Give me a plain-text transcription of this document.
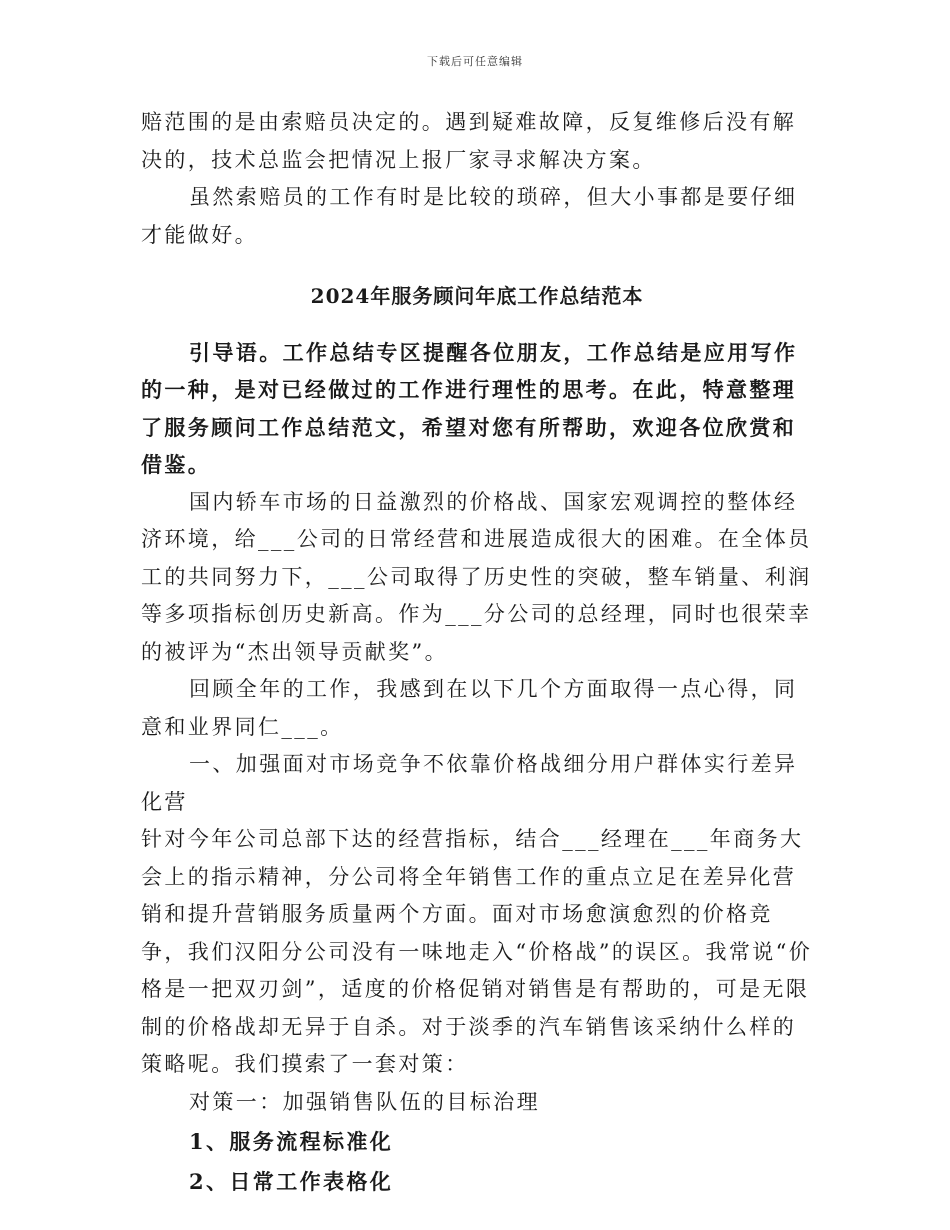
下载后可任意编辑

赔范围的是由索赔员决定的。遇到疑难故障，反复维修后没有解决的，技术总监会把情况上报厂家寻求解决方案。

虽然索赔员的工作有时是比较的琐碎，但大小事都是要仔细才能做好。

2024年服务顾问年底工作总结范本

引导语。工作总结专区提醒各位朋友，工作总结是应用写作的一种，是对已经做过的工作进行理性的思考。在此，特意整理了服务顾问工作总结范文，希望对您有所帮助，欢迎各位欣赏和借鉴。

国内轿车市场的日益激烈的价格战、国家宏观调控的整体经济环境，给___公司的日常经营和进展造成很大的困难。在全体员工的共同努力下，___公司取得了历史性的突破，整车销量、利润等多项指标创历史新高。作为___分公司的总经理，同时也很荣幸的被评为“杰出领导贡献奖”。

回顾全年的工作，我感到在以下几个方面取得一点心得，同意和业界同仁___。

一、加强面对市场竞争不依靠价格战细分用户群体实行差异化营

针对今年公司总部下达的经营指标，结合___经理在___年商务大会上的指示精神，分公司将全年销售工作的重点立足在差异化营销和提升营销服务质量两个方面。面对市场愈演愈烈的价格竞争，我们汉阳分公司没有一味地走入“价格战”的误区。我常说“价格是一把双刃剑”，适度的价格促销对销售是有帮助的，可是无限制的价格战却无异于自杀。对于淡季的汽车销售该采纳什么样的策略呢。我们摸索了一套对策：

对策一：加强销售队伍的目标治理

1、服务流程标准化

2、日常工作表格化
